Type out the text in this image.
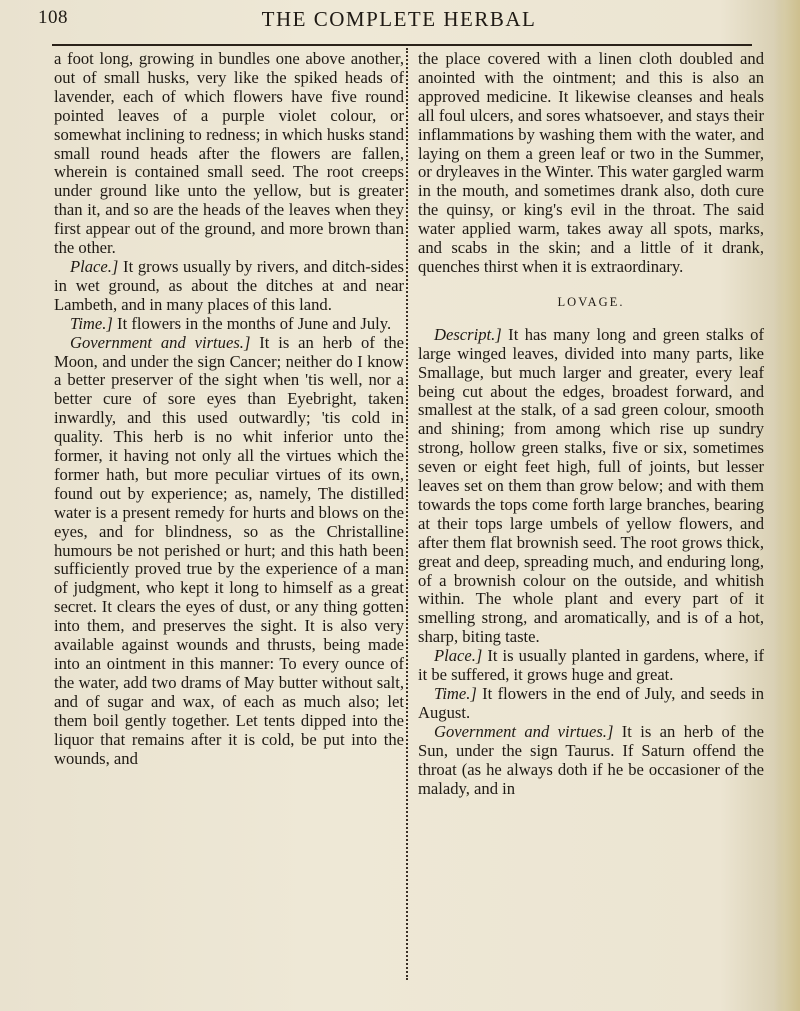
108	THE COMPLETE HERBAL

a foot long, growing in bundles one above another, out of small husks, very like the spiked heads of lavender, each of which flowers have five round pointed leaves of a purple violet colour, or somewhat inclining to redness; in which husks stand small round heads after the flowers are fallen, wherein is contained small seed. The root creeps under ground like unto the yellow, but is greater than it, and so are the heads of the leaves when they first appear out of the ground, and more brown than the other.

Place.] It grows usually by rivers, and ditch-sides in wet ground, as about the ditches at and near Lambeth, and in many places of this land.

Time.] It flowers in the months of June and July.

Government and virtues.] It is an herb of the Moon, and under the sign Cancer; neither do I know a better preserver of the sight when 'tis well, nor a better cure of sore eyes than Eyebright, taken inwardly, and this used outwardly; 'tis cold in quality. This herb is no whit inferior unto the former, it having not only all the virtues which the former hath, but more peculiar virtues of its own, found out by experience; as, namely, The distilled water is a present remedy for hurts and blows on the eyes, and for blindness, so as the Christalline humours be not perished or hurt; and this hath been sufficiently proved true by the experience of a man of judgment, who kept it long to himself as a great secret. It clears the eyes of dust, or any thing gotten into them, and preserves the sight. It is also very available against wounds and thrusts, being made into an ointment in this manner: To every ounce of the water, add two drams of May butter without salt, and of sugar and wax, of each as much also; let them boil gently together. Let tents dipped into the liquor that remains after it is cold, be put into the wounds, and

the place covered with a linen cloth doubled and anointed with the ointment; and this is also an approved medicine. It likewise cleanses and heals all foul ulcers, and sores whatsoever, and stays their inflammations by washing them with the water, and laying on them a green leaf or two in the Summer, or dryleaves in the Winter. This water gargled warm in the mouth, and sometimes drank also, doth cure the quinsy, or king's evil in the throat. The said water applied warm, takes away all spots, marks, and scabs in the skin; and a little of it drank, quenches thirst when it is extraordinary.

LOVAGE.

Descript.] It has many long and green stalks of large winged leaves, divided into many parts, like Smallage, but much larger and greater, every leaf being cut about the edges, broadest forward, and smallest at the stalk, of a sad green colour, smooth and shining; from among which rise up sundry strong, hollow green stalks, five or six, sometimes seven or eight feet high, full of joints, but lesser leaves set on them than grow below; and with them towards the tops come forth large branches, bearing at their tops large umbels of yellow flowers, and after them flat brownish seed. The root grows thick, great and deep, spreading much, and enduring long, of a brownish colour on the outside, and whitish within. The whole plant and every part of it smelling strong, and aromatically, and is of a hot, sharp, biting taste.

Place.] It is usually planted in gardens, where, if it be suffered, it grows huge and great.

Time.] It flowers in the end of July, and seeds in August.

Government and virtues.] It is an herb of the Sun, under the sign Taurus. If Saturn offend the throat (as he always doth if he be occasioner of the malady, and in
